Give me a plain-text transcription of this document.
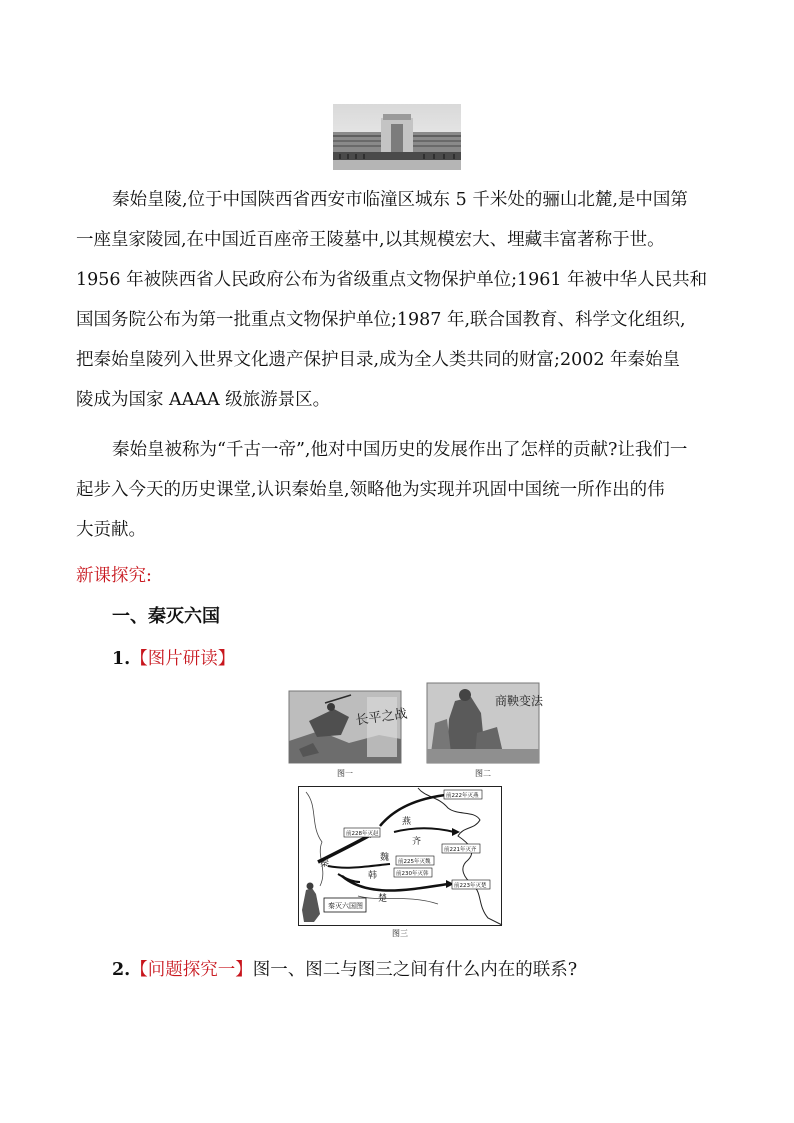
秦始皇陵,位于中国陕西省西安市临潼区城东 5 千米处的骊山北麓,是中国第
一座皇家陵园,在中国近百座帝王陵墓中,以其规模宏大、埋藏丰富著称于世。
1956 年被陕西省人民政府公布为省级重点文物保护单位;1961 年被中华人民共和
国国务院公布为第一批重点文物保护单位;1987 年,联合国教育、科学文化组织,
把秦始皇陵列入世界文化遗产保护目录,成为全人类共同的财富;2002 年秦始皇
陵成为国家 AAAA 级旅游景区。

秦始皇被称为“千古一帝”,他对中国历史的发展作出了怎样的贡献?让我们一
起步入今天的历史课堂,认识秦始皇,领略他为实现并巩固中国统一所作出的伟
大贡献。

新课探究:
一、秦灭六国
1.【图片研读】
长平之战
图一
商鞅变法
图二
秦
燕
齐
魏
韩
楚
前228年灭赵
前222年灭燕
前221年灭齐
前225年灭魏
前230年灭韩
前223年灭楚
秦灭六国图
图三
2.【问题探究一】图一、图二与图三之间有什么内在的联系?
